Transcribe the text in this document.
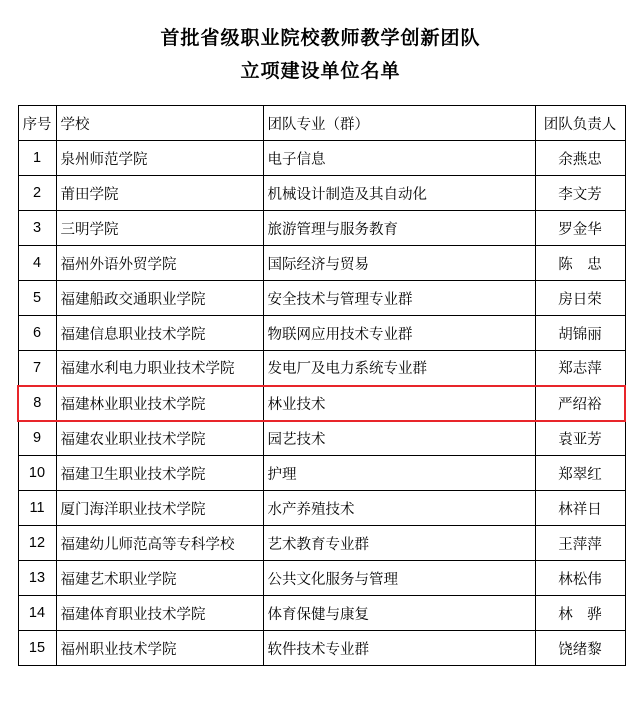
首批省级职业院校教师教学创新团队
立项建设单位名单
序号	学校	团队专业（群）	团队负责人
1	泉州师范学院	电子信息	余燕忠
2	莆田学院	机械设计制造及其自动化	李文芳
3	三明学院	旅游管理与服务教育	罗金华
4	福州外语外贸学院	国际经济与贸易	陈　忠
5	福建船政交通职业学院	安全技术与管理专业群	房日荣
6	福建信息职业技术学院	物联网应用技术专业群	胡锦丽
7	福建水利电力职业技术学院	发电厂及电力系统专业群	郑志萍
8	福建林业职业技术学院	林业技术	严绍裕
9	福建农业职业技术学院	园艺技术	袁亚芳
10	福建卫生职业技术学院	护理	郑翠红
11	厦门海洋职业技术学院	水产养殖技术	林祥日
12	福建幼儿师范高等专科学校	艺术教育专业群	王萍萍
13	福建艺术职业学院	公共文化服务与管理	林松伟
14	福建体育职业技术学院	体育保健与康复	林　骅
15	福州职业技术学院	软件技术专业群	饶绪黎
